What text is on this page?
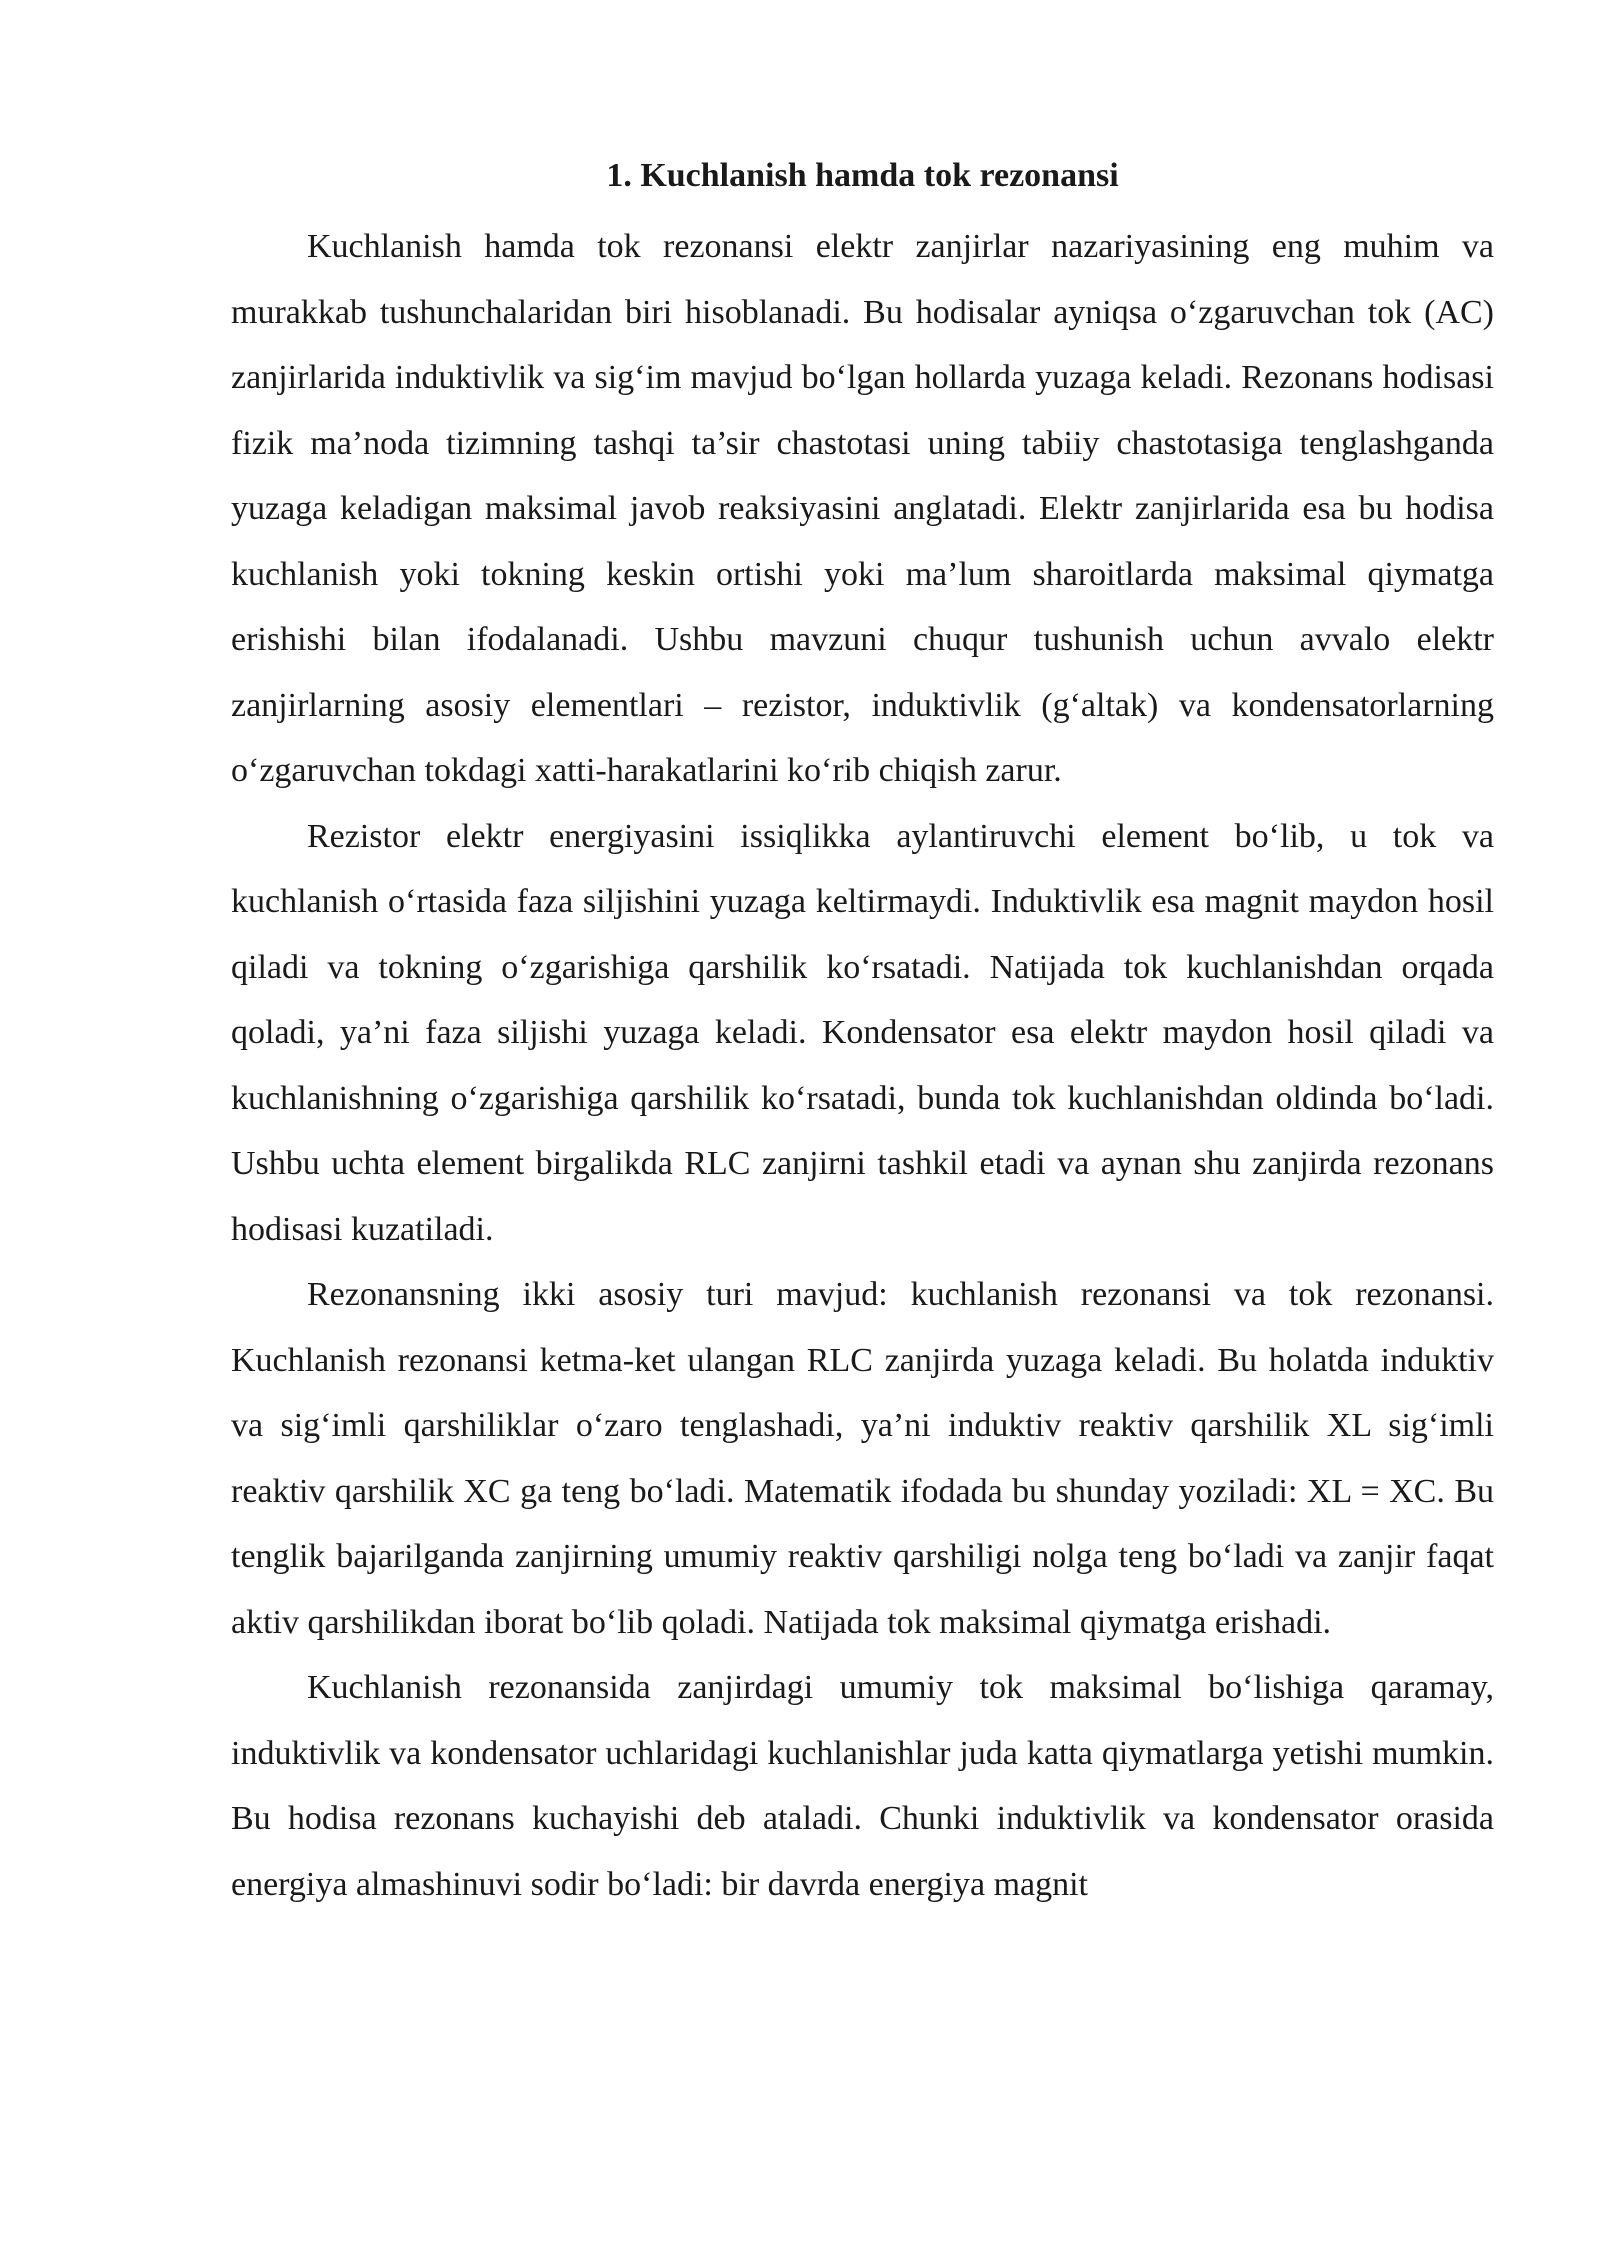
1. Kuchlanish hamda tok rezonansi

Kuchlanish hamda tok rezonansi elektr zanjirlar nazariyasining eng muhim va murakkab tushunchalaridan biri hisoblanadi. Bu hodisalar ayniqsa o‘zgaruvchan tok (AC) zanjirlarida induktivlik va sig‘im mavjud bo‘lgan hollarda yuzaga keladi. Rezonans hodisasi fizik ma’noda tizimning tashqi ta’sir chastotasi uning tabiiy chastotasiga tenglashganda yuzaga keladigan maksimal javob reaksiyasini anglatadi. Elektr zanjirlarida esa bu hodisa kuchlanish yoki tokning keskin ortishi yoki ma’lum sharoitlarda maksimal qiymatga erishishi bilan ifodalanadi. Ushbu mavzuni chuqur tushunish uchun avvalo elektr zanjirlarning asosiy elementlari – rezistor, induktivlik (g‘altak) va kondensatorlarning o‘zgaruvchan tokdagi xatti-harakatlarini ko‘rib chiqish zarur.

Rezistor elektr energiyasini issiqlikka aylantiruvchi element bo‘lib, u tok va kuchlanish o‘rtasida faza siljishini yuzaga keltirmaydi. Induktivlik esa magnit maydon hosil qiladi va tokning o‘zgarishiga qarshilik ko‘rsatadi. Natijada tok kuchlanishdan orqada qoladi, ya’ni faza siljishi yuzaga keladi. Kondensator esa elektr maydon hosil qiladi va kuchlanishning o‘zgarishiga qarshilik ko‘rsatadi, bunda tok kuchlanishdan oldinda bo‘ladi. Ushbu uchta element birgalikda RLC zanjirni tashkil etadi va aynan shu zanjirda rezonans hodisasi kuzatiladi.

Rezonansning ikki asosiy turi mavjud: kuchlanish rezonansi va tok rezonansi. Kuchlanish rezonansi ketma-ket ulangan RLC zanjirda yuzaga keladi. Bu holatda induktiv va sig‘imli qarshiliklar o‘zaro tenglashadi, ya’ni induktiv reaktiv qarshilik XL sig‘imli reaktiv qarshilik XC ga teng bo‘ladi. Matematik ifodada bu shunday yoziladi: XL = XC. Bu tenglik bajarilganda zanjirning umumiy reaktiv qarshiligi nolga teng bo‘ladi va zanjir faqat aktiv qarshilikdan iborat bo‘lib qoladi. Natijada tok maksimal qiymatga erishadi.

Kuchlanish rezonansida zanjirdagi umumiy tok maksimal bo‘lishiga qaramay, induktivlik va kondensator uchlaridagi kuchlanishlar juda katta qiymatlarga yetishi mumkin. Bu hodisa rezonans kuchayishi deb ataladi. Chunki induktivlik va kondensator orasida energiya almashinuvi sodir bo‘ladi: bir davrda energiya magnit
